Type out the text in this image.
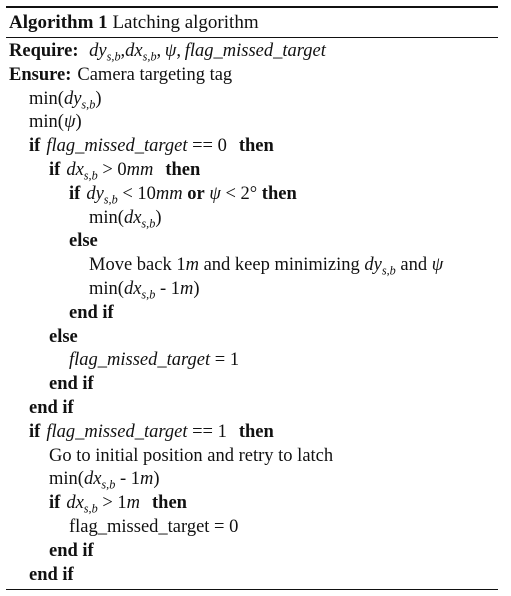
Algorithm 1 Latching algorithm
Require: $dy_{s,b},dx_{s,b}$, ψ, flag_missed_target
Ensure: Camera targeting tag
$\min(dy_{s,b})$
min(ψ)
if flag_missed_target == 0 then
if $dx_{s,b} > 0mm$ then
if $dy_{s,b} < 10mm$ or ψ < 2° then
$\min(dx_{s,b})$
else
Move back 1m and keep minimizing $dy_{s,b}$ and ψ
$\min(dx_{s,b} - 1m)$
end if
else
flag_missed_target = 1
end if
end if
if flag_missed_target == 1 then
Go to initial position and retry to latch
$\min(dx_{s,b} - 1m)$
if $dx_{s,b} > 1m$ then
flag_missed_target = 0
end if
end if
